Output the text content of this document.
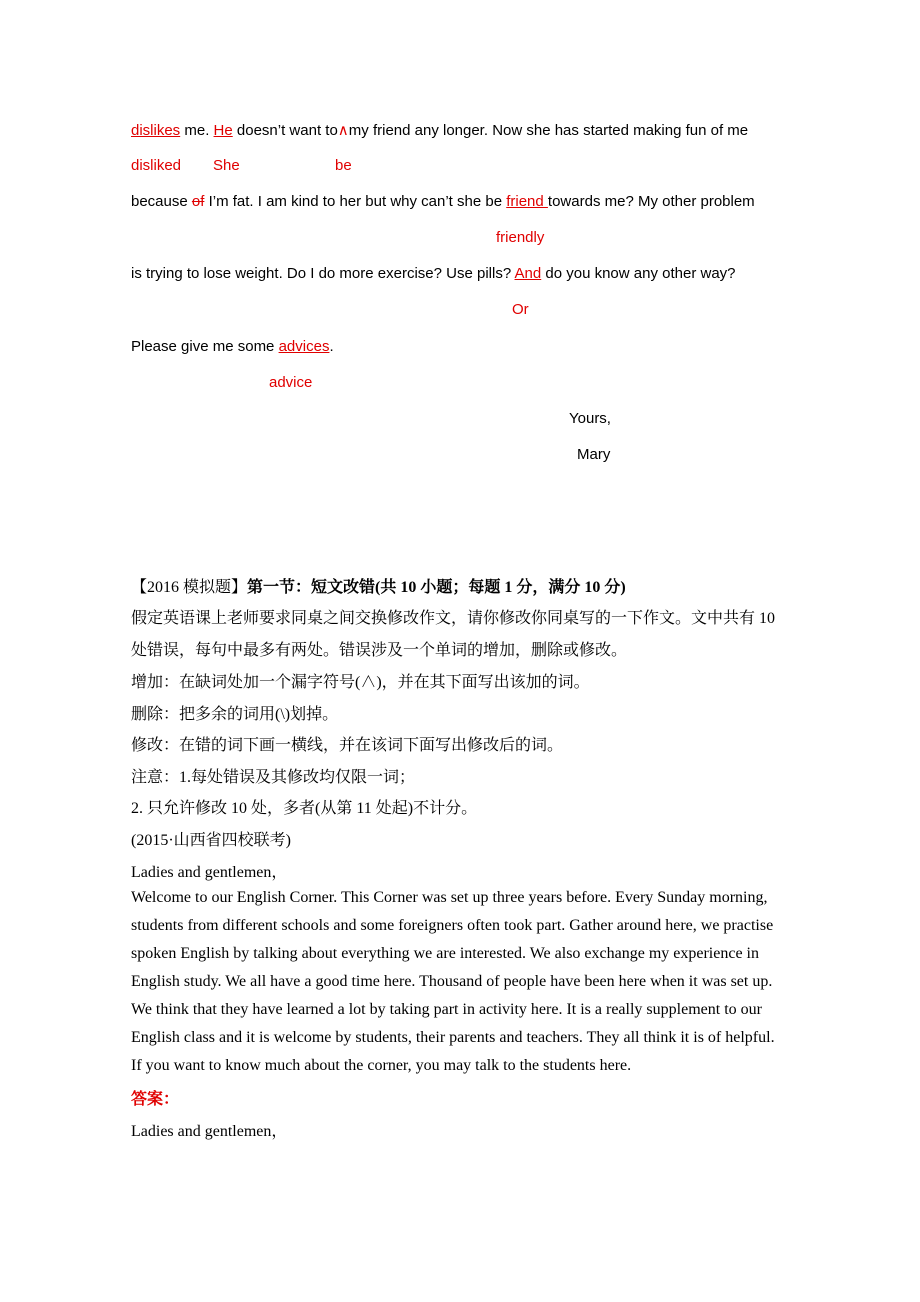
dislikes me. He doesn’t want to∧my friend any longer. Now she has started making fun of me
disliked She	be
because of I’m fat. I am kind to her but why can’t she be friend towards me? My other problem
friendly
is trying to lose weight. Do I do more exercise? Use pills? And do you know any other way?
Or
Please give me some advices.
advice
Yours,
Mary
【2016 模拟题】第一节：短文改错(共 10 小题；每题 1 分，满分 10 分)
假定英语课上老师要求同桌之间交换修改作文，请你修改你同桌写的一下作文。文中共有 10
处错误，每句中最多有两处。错误涉及一个单词的增加，删除或修改。
增加：在缺词处加一个漏字符号(∧)，并在其下面写出该加的词。
删除：把多余的词用(\)划掉。
修改：在错的词下画一横线，并在该词下面写出修改后的词。
注意：1.每处错误及其修改均仅限一词；
2. 只允许修改 10 处，多者(从第 11 处起)不计分。
(2015·山西省四校联考)
Ladies and gentlemen，
Welcome to our English Corner. This Corner was set up three years before. Every Sunday morning,
students from different schools and some foreigners often took part. Gather around here, we practise
spoken English by talking about everything we are interested. We also exchange my experience in
English study. We all have a good time here. Thousand of people have been here when it was set up.
We think that they have learned a lot by taking part in activity here. It is a really supplement to our
English class and it is welcome by students, their parents and teachers. They all think it is of helpful.
If you want to know much about the corner, you may talk to the students here.
答案：
Ladies and gentlemen，
